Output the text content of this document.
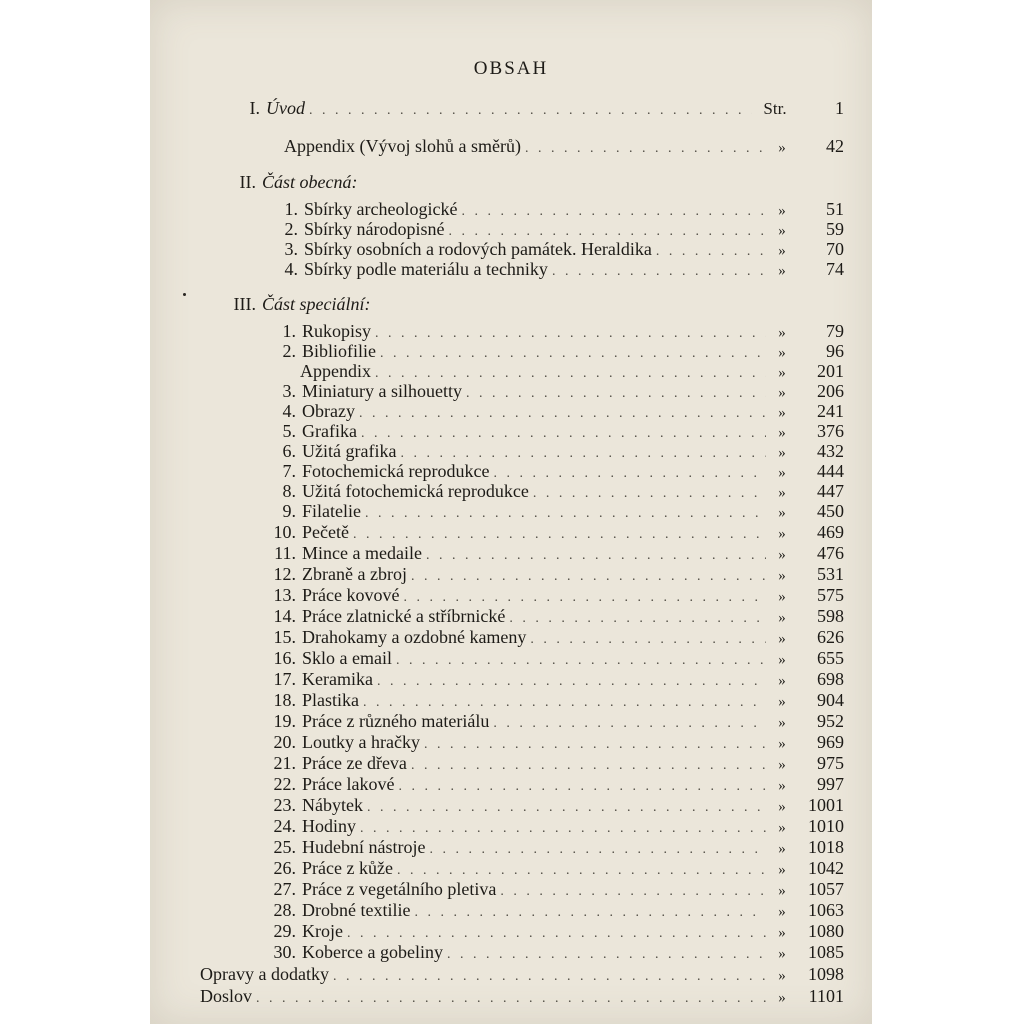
OBSAH
I. Úvod . . .	Str.	1
Appendix (Vývoj slohů a směrů) . . .	»	42
II. Část obecná:
1. Sbírky archeologické . . .	»	51
2. Sbírky národopisné . . .	»	59
3. Sbírky osobních a rodových památek. Heraldika . . .	»	70
4. Sbírky podle materiálu a techniky . . .	»	74
III. Část speciální:
1. Rukopisy . . .	»	79
2. Bibliofilie . . .	»	96
Appendix . . .	»	201
3. Miniatury a silhouetty . . .	»	206
4. Obrazy . . .	»	241
5. Grafika . . .	»	376
6. Užitá grafika . . .	»	432
7. Fotochemická reprodukce . . .	»	444
8. Užitá fotochemická reprodukce . . .	»	447
9. Filatelie . . .	»	450
10. Pečetě . . .	»	469
11. Mince a medaile . . .	»	476
12. Zbraně a zbroj . . .	»	531
13. Práce kovové . . .	»	575
14. Práce zlatnické a stříbrnické . . .	»	598
15. Drahokamy a ozdobné kameny . . .	»	626
16. Sklo a email . . .	»	655
17. Keramika . . .	»	698
18. Plastika . . .	»	904
19. Práce z různého materiálu . . .	»	952
20. Loutky a hračky . . .	»	969
21. Práce ze dřeva . . .	»	975
22. Práce lakové . . .	»	997
23. Nábytek . . .	»	1001
24. Hodiny . . .	»	1010
25. Hudební nástroje . . .	»	1018
26. Práce z kůže . . .	»	1042
27. Práce z vegetálního pletiva . . .	»	1057
28. Drobné textilie . . .	»	1063
29. Kroje . . .	»	1080
30. Koberce a gobeliny . . .	»	1085
Opravy a dodatky . . .	»	1098
Doslov . . .	»	1101
